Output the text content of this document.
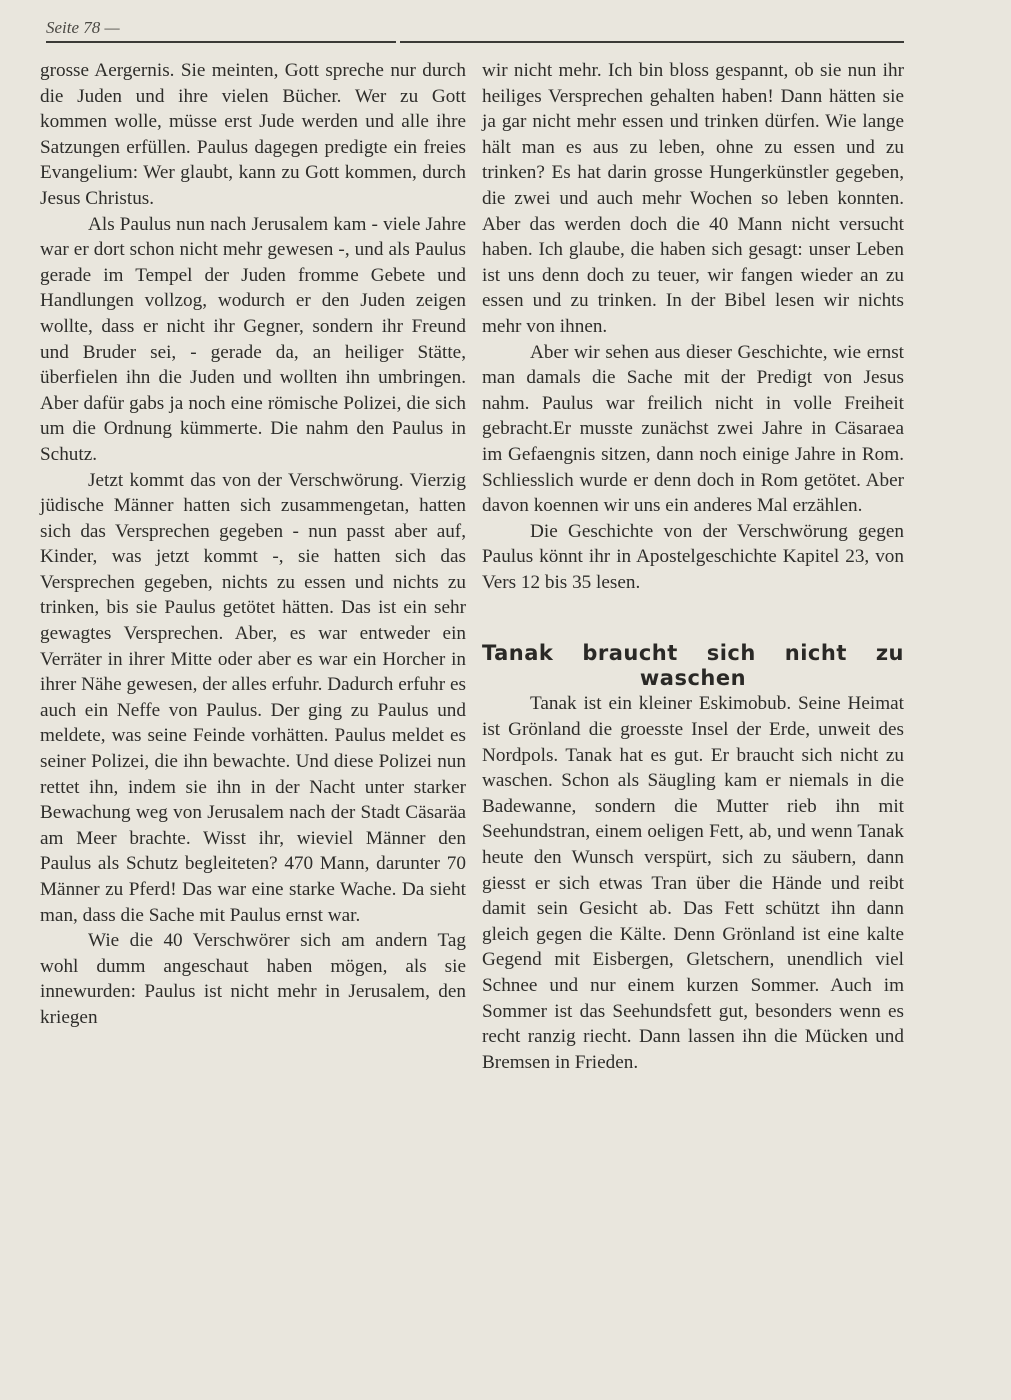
Seite 78 —

grosse Aergernis. Sie meinten, Gott spreche nur durch die Juden und ihre vielen Bücher. Wer zu Gott kommen wolle, müsse erst Jude werden und alle ihre Satzungen erfüllen. Paulus dagegen predigte ein freies Evangelium: Wer glaubt, kann zu Gott kommen, durch Jesus Christus.

Als Paulus nun nach Jerusalem kam - viele Jahre war er dort schon nicht mehr gewesen -, und als Paulus gerade im Tempel der Juden fromme Gebete und Handlungen vollzog, wodurch er den Juden zeigen wollte, dass er nicht ihr Gegner, sondern ihr Freund und Bruder sei, - gerade da, an heiliger Stätte, überfielen ihn die Juden und wollten ihn umbringen. Aber dafür gabs ja noch eine römische Polizei, die sich um die Ordnung kümmerte. Die nahm den Paulus in Schutz.

Jetzt kommt das von der Verschwörung. Vierzig jüdische Männer hatten sich zusammengetan, hatten sich das Versprechen gegeben - nun passt aber auf, Kinder, was jetzt kommt -, sie hatten sich das Versprechen gegeben, nichts zu essen und nichts zu trinken, bis sie Paulus getötet hätten. Das ist ein sehr gewagtes Versprechen. Aber, es war entweder ein Verräter in ihrer Mitte oder aber es war ein Horcher in ihrer Nähe gewesen, der alles erfuhr. Dadurch erfuhr es auch ein Neffe von Paulus. Der ging zu Paulus und meldete, was seine Feinde vorhätten. Paulus meldet es seiner Polizei, die ihn bewachte. Und diese Polizei nun rettet ihn, indem sie ihn in der Nacht unter starker Bewachung weg von Jerusalem nach der Stadt Cäsaräa am Meer brachte. Wisst ihr, wieviel Männer den Paulus als Schutz begleiteten? 470 Mann, darunter 70 Männer zu Pferd! Das war eine starke Wache. Da sieht man, dass die Sache mit Paulus ernst war.

Wie die 40 Verschwörer sich am andern Tag wohl dumm angeschaut haben mögen, als sie innewurden: Paulus ist nicht mehr in Jerusalem, den kriegen

wir nicht mehr. Ich bin bloss gespannt, ob sie nun ihr heiliges Versprechen gehalten haben! Dann hätten sie ja gar nicht mehr essen und trinken dürfen. Wie lange hält man es aus zu leben, ohne zu essen und zu trinken? Es hat darin grosse Hungerkünstler gegeben, die zwei und auch mehr Wochen so leben konnten. Aber das werden doch die 40 Mann nicht versucht haben. Ich glaube, die haben sich gesagt: unser Leben ist uns denn doch zu teuer, wir fangen wieder an zu essen und zu trinken. In der Bibel lesen wir nichts mehr von ihnen.

Aber wir sehen aus dieser Geschichte, wie ernst man damals die Sache mit der Predigt von Jesus nahm. Paulus war freilich nicht in volle Freiheit gebracht.Er musste zunächst zwei Jahre in Cäsaraea im Gefaengnis sitzen, dann noch einige Jahre in Rom. Schliesslich wurde er denn doch in Rom getötet. Aber davon koennen wir uns ein anderes Mal erzählen.

Die Geschichte von der Verschwörung gegen Paulus könnt ihr in Apostelgeschichte Kapitel 23, von Vers 12 bis 35 lesen.

Tanak braucht sich nicht zu
waschen

Tanak ist ein kleiner Eskimobub. Seine Heimat ist Grönland die groesste Insel der Erde, unweit des Nordpols. Tanak hat es gut. Er braucht sich nicht zu waschen. Schon als Säugling kam er niemals in die Badewanne, sondern die Mutter rieb ihn mit Seehundstran, einem oeligen Fett, ab, und wenn Tanak heute den Wunsch verspürt, sich zu säubern, dann giesst er sich etwas Tran über die Hände und reibt damit sein Gesicht ab. Das Fett schützt ihn dann gleich gegen die Kälte. Denn Grönland ist eine kalte Gegend mit Eisbergen, Gletschern, unendlich viel Schnee und nur einem kurzen Sommer. Auch im Sommer ist das Seehundsfett gut, besonders wenn es recht ranzig riecht. Dann lassen ihn die Mücken und Bremsen in Frieden.
